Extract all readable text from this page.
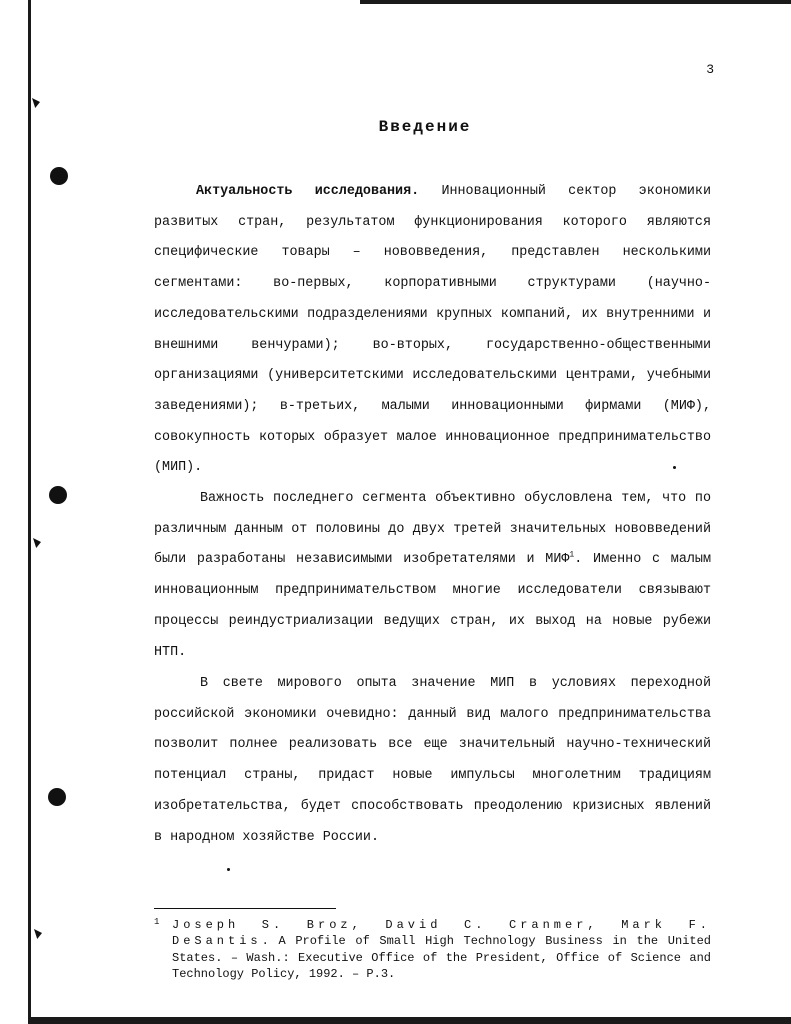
3
Введение

Актуальность исследования. Инновационный сектор экономики развитых стран, результатом функционирования которого являются специфические товары – нововведения, представлен несколькими сегментами: во-первых, корпоративными структурами (научно-исследовательскими подразделениями крупных компаний, их внутренними и внешними венчурами); во-вторых, государственно-общественными организациями (университетскими исследовательскими центрами, учебными заведениями); в-третьих, малыми инновационными фирмами (МИФ), совокупность которых образует малое инновационное предпринимательство (МИП).

Важность последнего сегмента объективно обусловлена тем, что по различным данным от половины до двух третей значительных нововведений были разработаны независимыми изобретателями и МИФ$^1$. Именно с малым инновационным предпринимательством многие исследователи связывают процессы реиндустриализации ведущих стран, их выход на новые рубежи НТП.

В свете мирового опыта значение МИП в условиях переходной российской экономики очевидно: данный вид малого предпринимательства позволит полнее реализовать все еще значительный научно-технический потенциал страны, придаст новые импульсы многолетним традициям изобретательства, будет способствовать преодолению кризисных явлений в народном хозяйстве России.

1	Joseph S. Broz, David C. Cranmer, Mark F. DeSantis. A Profile of Small High Technology Business in the United States. – Wash.: Executive Office of the President, Office of Science and Technology Policy, 1992. – P.3.
